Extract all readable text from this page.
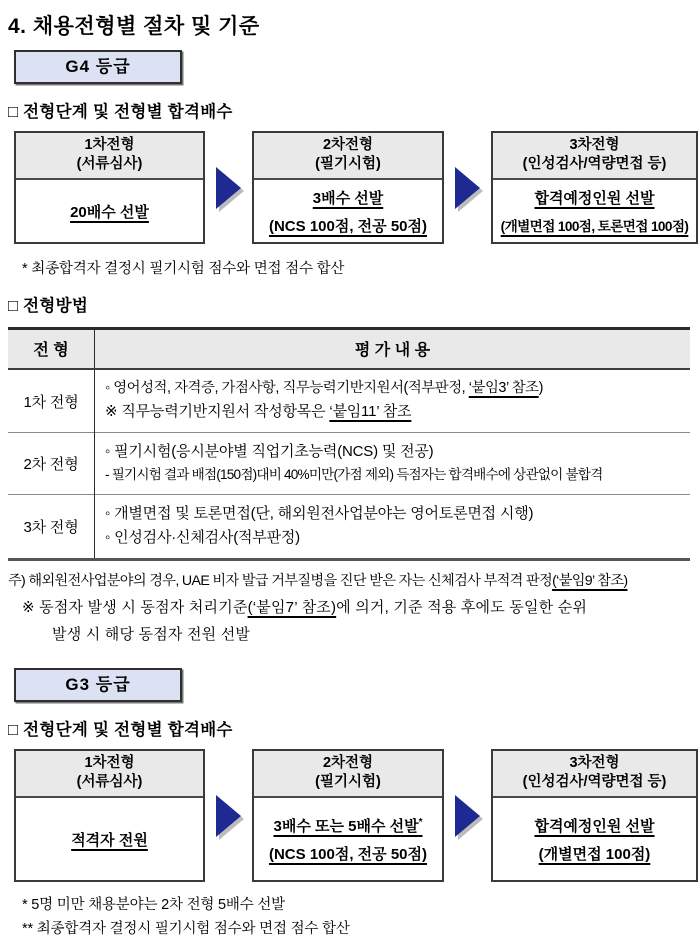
4. 채용전형별 절차 및 기준
G4 등급
□ 전형단계 및 전형별 합격배수
1차전형
(서류심사)
20배수 선발
2차전형
(필기시험)
3배수 선발
(NCS 100점, 전공 50점)
3차전형
(인성검사/역량면접 등)
합격예정인원 선발
(개별면접 100점, 토론면접 100점)
* 최종합격자 결정시 필기시험 점수와 면접 점수 합산
□ 전형방법
전 형	평 가 내 용
1차 전형	◦ 영어성적, 자격증, 가점사항, 직무능력기반지원서(적부판정, ‘붙임3’ 참조)
※ 직무능력기반지원서 작성항목은 ‘붙임11’ 참조

2차 전형	◦ 필기시험(응시분야별 직업기초능력(NCS) 및 전공)
- 필기시험 결과 배점(150점)대비 40%미만(가점 제외) 득점자는 합격배수에 상관없이 불합격

3차 전형	◦ 개별면접 및 토론면접(단, 해외원전사업분야는 영어토론면접 시행)
◦ 인성검사·신체검사(적부판정)
주) 해외원전사업분야의 경우, UAE 비자 발급 거부질병을 진단 받은 자는 신체검사 부적격 판정(‘붙임9’ 참조)
※ 동점자 발생 시 동점자 처리기준(‘붙임7’ 참조)에 의거, 기준 적용 후에도 동일한 순위
발생 시 해당 동점자 전원 선발
G3 등급
□ 전형단계 및 전형별 합격배수
1차전형
(서류심사)
적격자 전원
2차전형
(필기시험)
3배수 또는 5배수 선발*
(NCS 100점, 전공 50점)
3차전형
(인성검사/역량면접 등)
합격예정인원 선발
(개별면접 100점)
* 5명 미만 채용분야는 2차 전형 5배수 선발
** 최종합격자 결정시 필기시험 점수와 면접 점수 합산
